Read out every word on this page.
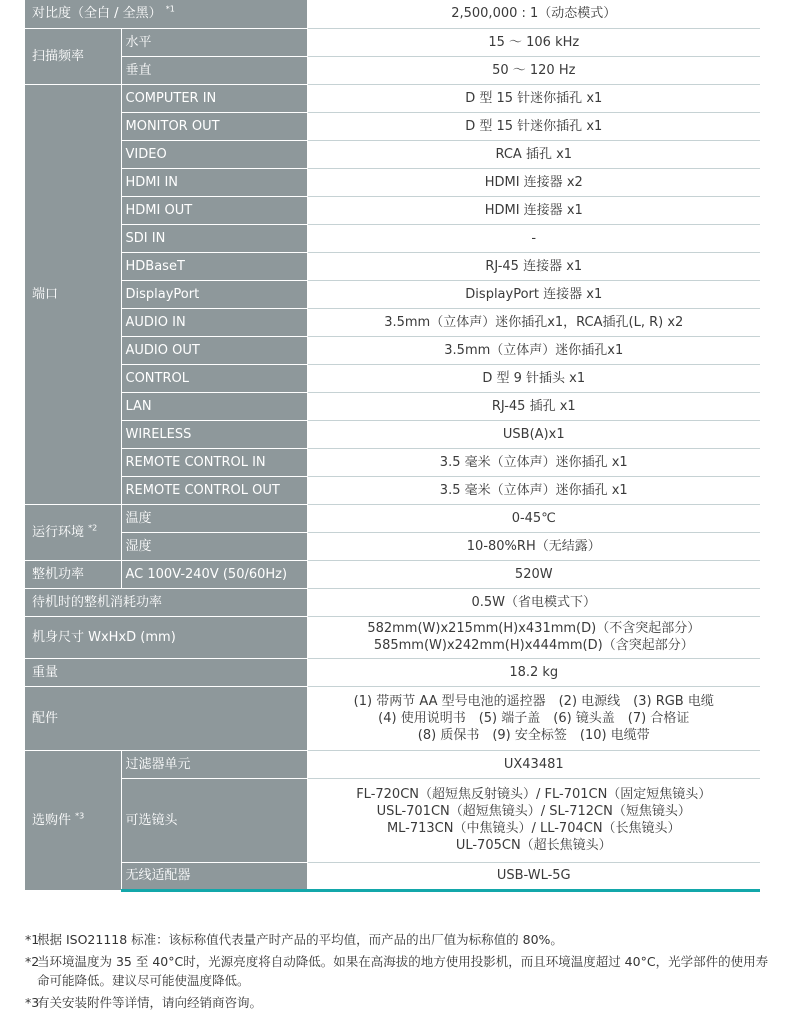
对比度（全白 / 全黑） $^{*1}$		2,500,000 : 1（动态模式）
扫描频率	水平	15 ～ 106 kHz
	垂直	50 ～ 120 Hz
端口	COMPUTER IN	D 型 15 针迷你插孔 x1
	MONITOR OUT	D 型 15 针迷你插孔 x1
	VIDEO	RCA 插孔 x1
	HDMI IN	HDMI 连接器 x2
	HDMI OUT	HDMI 连接器 x1
	SDI IN	-
	HDBaseT	RJ-45 连接器 x1
	DisplayPort	DisplayPort 连接器 x1
	AUDIO IN	3.5mm（立体声）迷你插孔x1，RCA插孔(L, R) x2
	AUDIO OUT	3.5mm（立体声）迷你插孔x1
	CONTROL	D 型 9 针插头 x1
	LAN	RJ-45 插孔 x1
	WIRELESS	USB(A)x1
	REMOTE CONTROL IN	3.5 毫米（立体声）迷你插孔 x1
	REMOTE CONTROL OUT	3.5 毫米（立体声）迷你插孔 x1
运行环境 $^{*2}$	温度	0-45℃
	湿度	10-80%RH（无结露）
整机功率	AC 100V-240V (50/60Hz)	520W
待机时的整机消耗功率		0.5W（省电模式下）
机身尺寸 WxHxD (mm)		582mm(W)x215mm(H)x431mm(D)（不含突起部分）
585mm(W)x242mm(H)x444mm(D)（含突起部分）
重量		18.2 kg
配件		(1) 带两节 AA 型号电池的遥控器　(2) 电源线　(3) RGB 电缆
(4) 使用说明书　(5) 端子盖　(6) 镜头盖　(7) 合格证
(8) 质保书　(9) 安全标签　(10) 电缆带
选购件 $^{*3}$	过滤器单元	UX43481
	可选镜头	FL-720CN（超短焦反射镜头）/ FL-701CN（固定短焦镜头）
USL-701CN（超短焦镜头）/ SL-712CN（短焦镜头）
ML-713CN（中焦镜头）/ LL-704CN（长焦镜头）
UL-705CN（超长焦镜头）
	无线适配器	USB-WL-5G
*1
根据 ISO21118 标准：该标称值代表量产时产品的平均值，而产品的出厂值为标称值的 80%。
*2
当环境温度为 35 至 40°C时，光源亮度将自动降低。如果在高海拔的地方使用投影机，而且环境温度超过 40°C，光学部件的使用寿命可能降低。建议尽可能使温度降低。
*3
有关安装附件等详情，请向经销商咨询。
